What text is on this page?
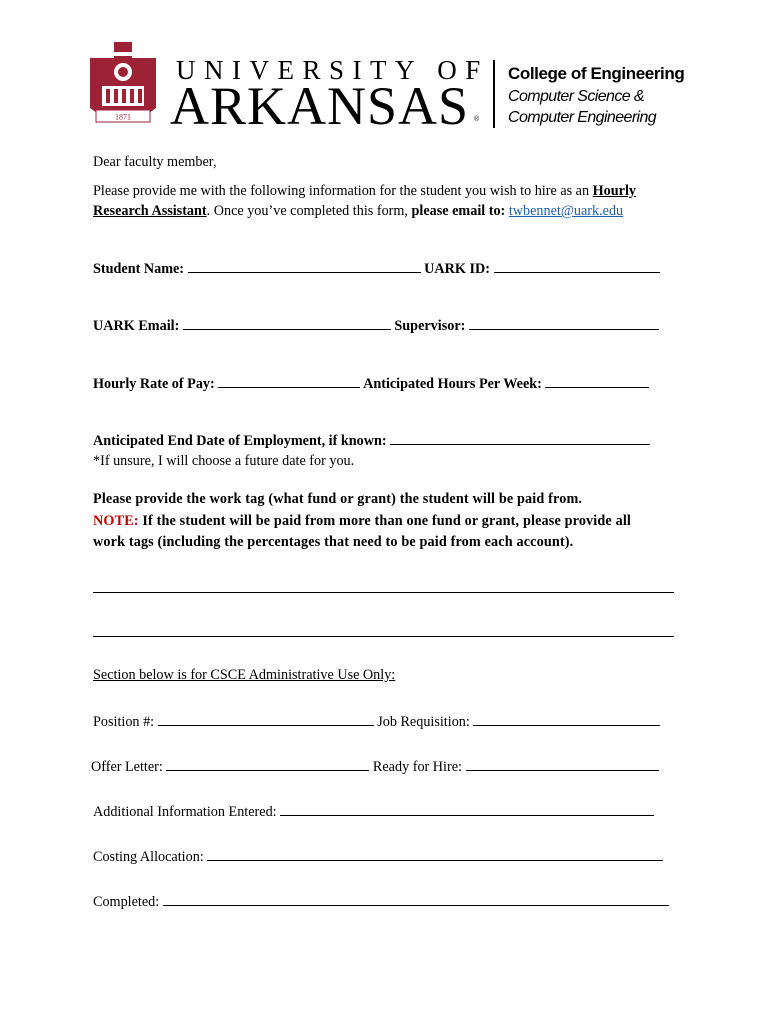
1871
UNIVERSITY OF
ARKANSAS ®
College of Engineering
Computer Science &
Computer Engineering
Dear faculty member,
Please provide me with the following information for the student you wish to hire as an Hourly
Research Assistant. Once you’ve completed this form, please email to: twbennet@uark.edu
Student Name:	UARK ID:
UARK Email:	Supervisor:
Hourly Rate of Pay:	Anticipated Hours Per Week:
Anticipated End Date of Employment, if known:
*If unsure, I will choose a future date for you.
Please provide the work tag (what fund or grant) the student will be paid from.
NOTE: If the student will be paid from more than one fund or grant, please provide all
work tags (including the percentages that need to be paid from each account).
Section below is for CSCE Administrative Use Only:
Position #:	Job Requisition:
Offer Letter:	Ready for Hire:
Additional Information Entered:
Costing Allocation:
Completed:
